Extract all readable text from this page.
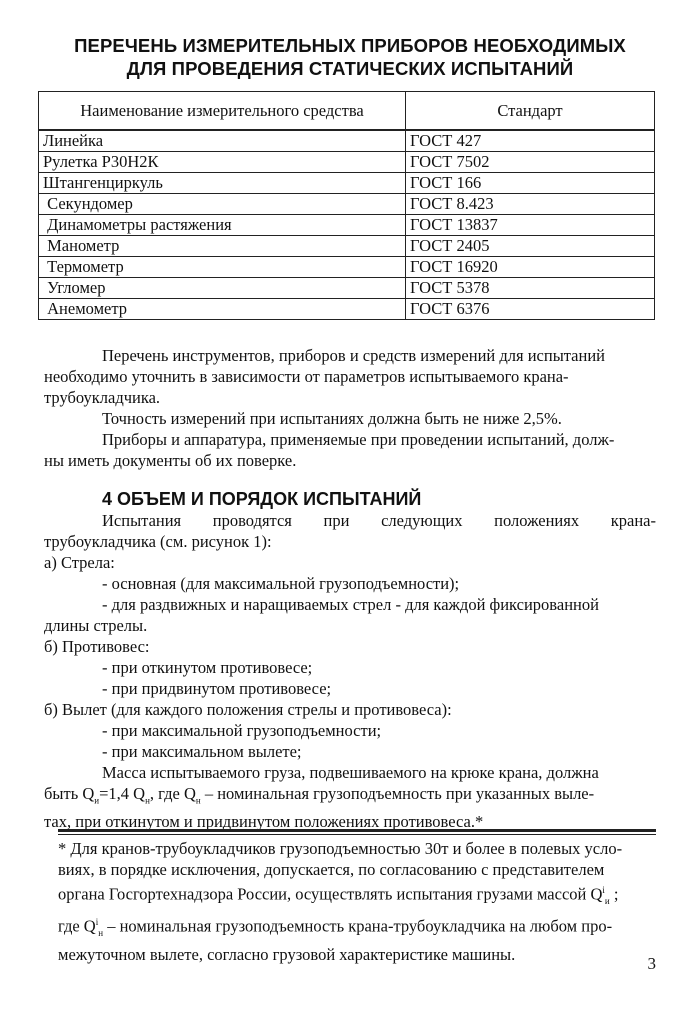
ПЕРЕЧЕНЬ ИЗМЕРИТЕЛЬНЫХ ПРИБОРОВ НЕОБХОДИМЫХ
ДЛЯ ПРОВЕДЕНИЯ СТАТИЧЕСКИХ ИСПЫТАНИЙ
Наименование измерительного средства	Стандарт
Линейка	ГОСТ 427
Рулетка Р30Н2К	ГОСТ 7502
Штангенциркуль	ГОСТ 166
Секундомер	ГОСТ 8.423
Динамометры растяжения	ГОСТ 13837
Манометр	ГОСТ 2405
Термометр	ГОСТ 16920
Угломер	ГОСТ 5378
Анемометр	ГОСТ 6376

Перечень инструментов, приборов и средств измерений для испытаний

необходимо уточнить в зависимости от параметров испытываемого крана-

трубоукладчика.

Точность измерений при испытаниях должна быть не ниже 2,5%.

Приборы и аппаратура, применяемые при проведении испытаний, долж-

ны иметь документы об их поверке.

4 ОБЪЕМ И ПОРЯДОК ИСПЫТАНИЙ

Испытания проводятся при следующих положениях крана-

трубоукладчика (см. рисунок 1):

а) Стрела:

- основная (для максимальной грузоподъемности);

- для раздвижных и наращиваемых стрел - для каждой фиксированной

длины стрелы.

б) Противовес:

- при откинутом противовесе;

- при придвинутом противовесе;

б) Вылет (для каждого положения стрелы и противовеса):

- при максимальной грузоподъемности;

- при максимальном вылете;

Масса испытываемого груза, подвешиваемого на крюке крана, должна

быть $Q_и=1,4$ $Q_н$, где $Q_н$ – номинальная грузоподъемность при указанных выле-

тах, при откинутом и придвинутом положениях противовеса.*

* Для кранов-трубоукладчиков грузоподъемностью 30т и более в полевых усло-

виях, в порядке исключения, допускается, по согласованию с представителем

органа Госгортехнадзора России, осуществлять испытания грузами массой $Q^i_и$ ;

где $Q^i_н$ – номинальная грузоподъемность крана-трубоукладчика на любом про-

межуточном вылете, согласно грузовой характеристике машины.	3
